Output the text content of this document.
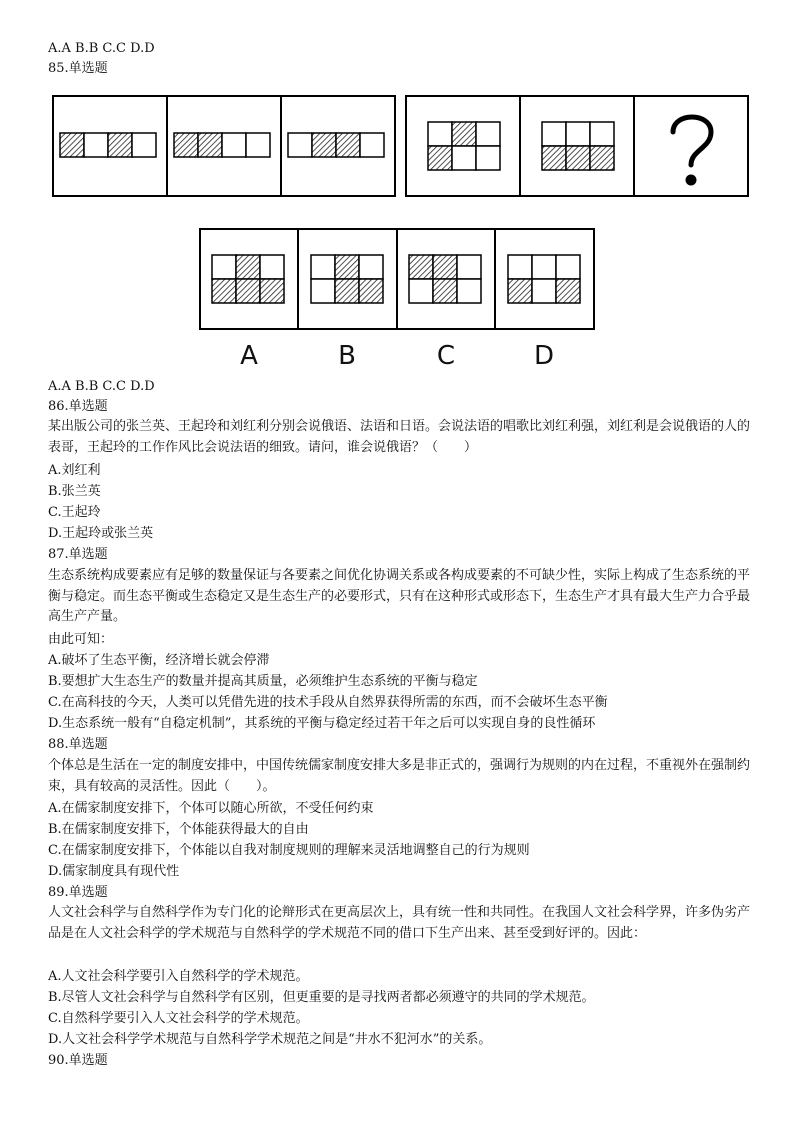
A.A B.B C.C D.D
85.单选题
A	B	C	D
A.A B.B C.C D.D
86.单选题
某出版公司的张兰英、王起玲和刘红利分别会说俄语、法语和日语。会说法语的唱歌比刘红利强，刘红利是会说俄语的人的表哥，王起玲的工作作风比会说法语的细致。请问，谁会说俄语？（　　）
A.刘红利
B.张兰英
C.王起玲
D.王起玲或张兰英
87.单选题
生态系统构成要素应有足够的数量保证与各要素之间优化协调关系或各构成要素的不可缺少性，实际上构成了生态系统的平衡与稳定。而生态平衡或生态稳定又是生态生产的必要形式，只有在这种形式或形态下，生态生产才具有最大生产力合乎最高生产产量。
由此可知：
A.破坏了生态平衡，经济增长就会停滞
B.要想扩大生态生产的数量并提高其质量，必须维护生态系统的平衡与稳定
C.在高科技的今天，人类可以凭借先进的技术手段从自然界获得所需的东西，而不会破坏生态平衡
D.生态系统一般有“自稳定机制”，其系统的平衡与稳定经过若干年之后可以实现自身的良性循环
88.单选题
个体总是生活在一定的制度安排中，中国传统儒家制度安排大多是非正式的，强调行为规则的内在过程，不重视外在强制约束，具有较高的灵活性。因此（　　）。
A.在儒家制度安排下，个体可以随心所欲，不受任何约束
B.在儒家制度安排下，个体能获得最大的自由
C.在儒家制度安排下，个体能以自我对制度规则的理解来灵活地调整自己的行为规则
D.儒家制度具有现代性
89.单选题
人文社会科学与自然科学作为专门化的论辩形式在更高层次上，具有统一性和共同性。在我国人文社会科学界，许多伪劣产品是在人文社会科学的学术规范与自然科学的学术规范不同的借口下生产出来、甚至受到好评的。因此：
A.人文社会科学要引入自然科学的学术规范。
B.尽管人文社会科学与自然科学有区别，但更重要的是寻找两者都必须遵守的共同的学术规范。
C.自然科学要引入人文社会科学的学术规范。
D.人文社会科学学术规范与自然科学学术规范之间是“井水不犯河水”的关系。
90.单选题
